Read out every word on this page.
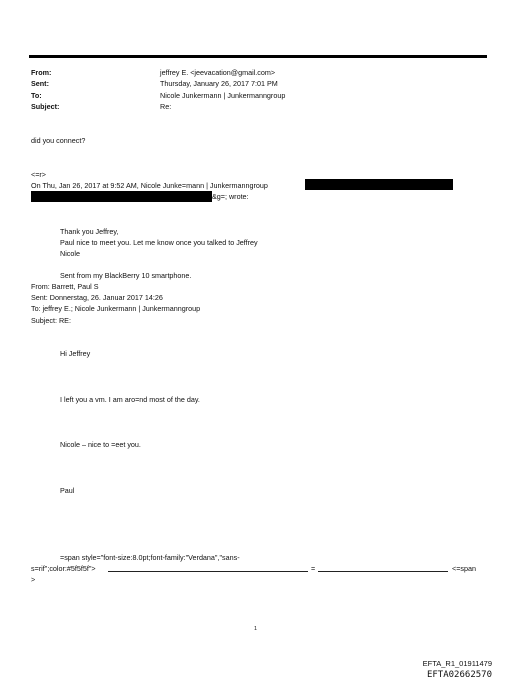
From:	jeffrey E. <jeevacation@gmail.com>
Sent:	Thursday, January 26, 2017 7:01 PM
To:	Nicole Junkermann | Junkermanngroup
Subject:	Re:
did you connect?
<=r>
On Thu, Jan 26, 2017 at 9:52 AM, Nicole Junke=mann | Junkermanngroup
&g=; wrote:
Thank you Jeffrey,
Paul nice to meet you. Let me know once you talked to Jeffrey
Nicole
Sent from my BlackBerry 10 smartphone.
From: Barrett, Paul S
Sent: Donnerstag, 26. Januar 2017 14:26
To: jeffrey E.; Nicole Junkermann | Junkermanngroup
Subject: RE:
Hi Jeffrey
I left you a vm. I am aro=nd most of the day.
Nicole – nice to =eet you.
Paul
=span style="font-size:8.0pt;font-family:"Verdana","sans-
s=rif";color:#5f5f5f">	=	<=span
>
1
EFTA_R1_01911479
EFTA02662570
